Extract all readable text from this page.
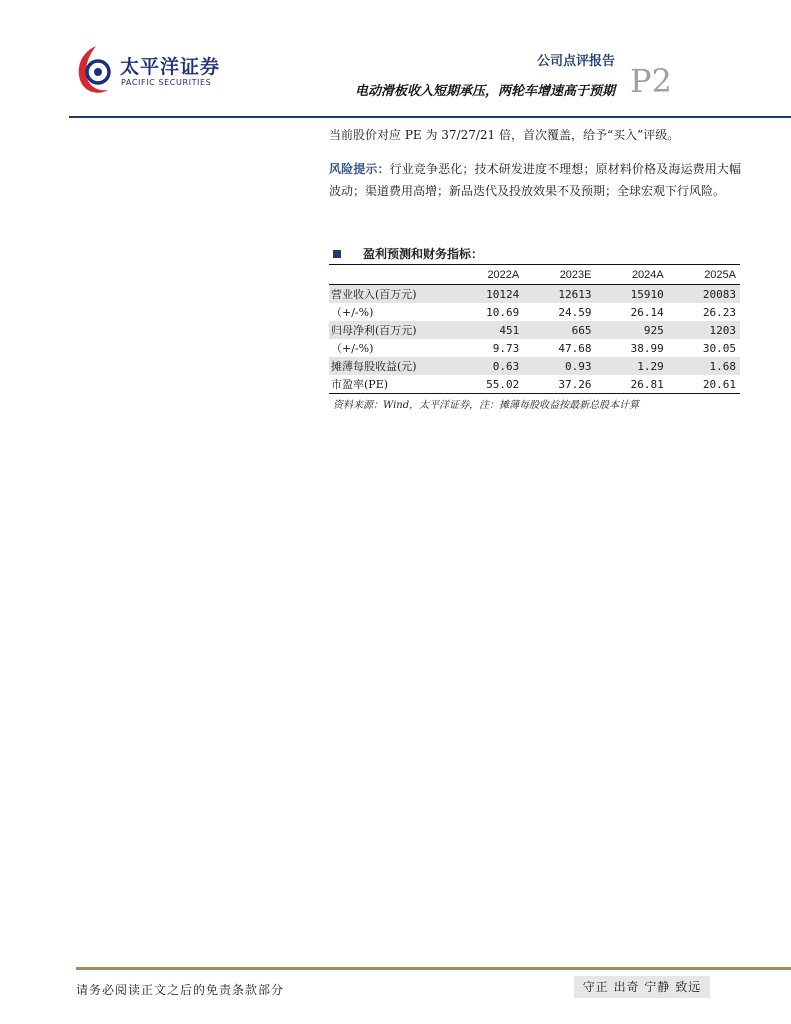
太平洋证券
PACIFIC SECURITIES
公司点评报告
电动滑板收入短期承压，两轮车增速高于预期 P2

当前股价对应 PE 为 37/27/21 倍，首次覆盖，给予“买入”评级。

风险提示：行业竞争恶化；技术研发进度不理想；原材料价格及海运费用大幅波动；渠道费用高增；新品迭代及投放效果不及预期；全球宏观下行风险。

盈利预测和财务指标：
	2022A	2023E	2024A	2025A
营业收入(百万元)	10124	12613	15910	20083
（+/-%)	10.69	24.59	26.14	26.23
归母净利(百万元)	451	665	925	1203
（+/-%)	9.73	47.68	38.99	30.05
摊薄每股收益(元)	0.63	0.93	1.29	1.68
市盈率(PE)	55.02	37.26	26.81	20.61
资料来源：Wind，太平洋证券，注：摊薄每股收益按最新总股本计算
请务必阅读正文之后的免责条款部分	守正 出奇 宁静 致远
